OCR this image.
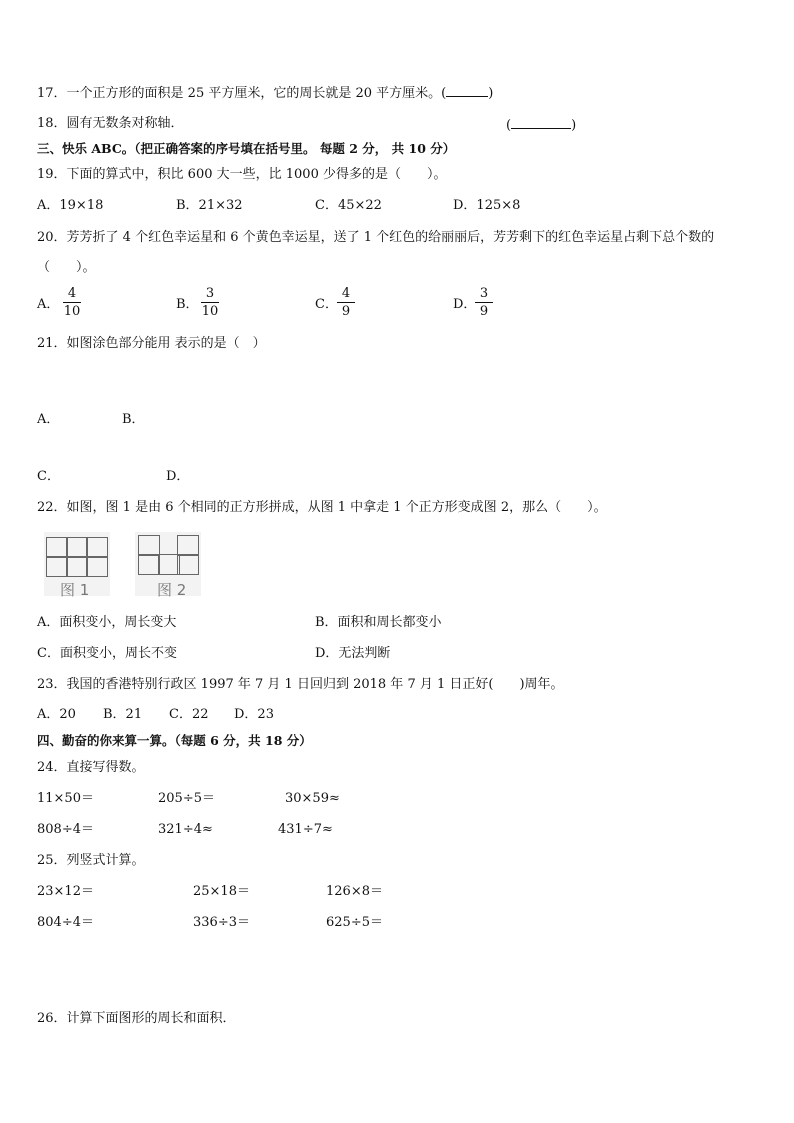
17．一个正方形的面积是 25 平方厘米，它的周长就是 20 平方厘米。(	)
18．圆有无数条对称轴．	(	)
三、快乐 ABC。（把正确答案的序号填在括号里。 每题 2 分， 共 10 分）
19．下面的算式中，积比 600 大一些，比 1000 少得多的是（　　）。
A．19×18	B．21×32	C．45×22	D．125×8
20．芳芳折了 4 个红色幸运星和 6 个黄色幸运星，送了 1 个红色的给丽丽后，芳芳剩下的红色幸运星占剩下总个数的
（　　）。
A．
4
10	B．
3
10	C．
4
9	D．
3
9
21．如图涂色部分能用 表示的是（　）
A．	B．
C．	D．
22．如图，图 1 是由 6 个相同的正方形拼成，从图 1 中拿走 1 个正方形变成图 2，那么（　　）。
图 1	图 2
A．面积变小，周长变大	B．面积和周长都变小
C．面积变小，周长不变	D．无法判断
23．我国的香港特别行政区 1997 年 7 月 1 日回归到 2018 年 7 月 1 日正好(　　)周年。
A．20 B．21 C．22 D．23
四、勤奋的你来算一算。（每题 6 分，共 18 分）
24．直接写得数。
11×50＝	205÷5＝	30×59≈
808÷4＝	321÷4≈	431÷7≈
25．列竖式计算。
23×12＝	25×18＝	126×8＝
804÷4＝	336÷3＝	625÷5＝
26．计算下面图形的周长和面积．
